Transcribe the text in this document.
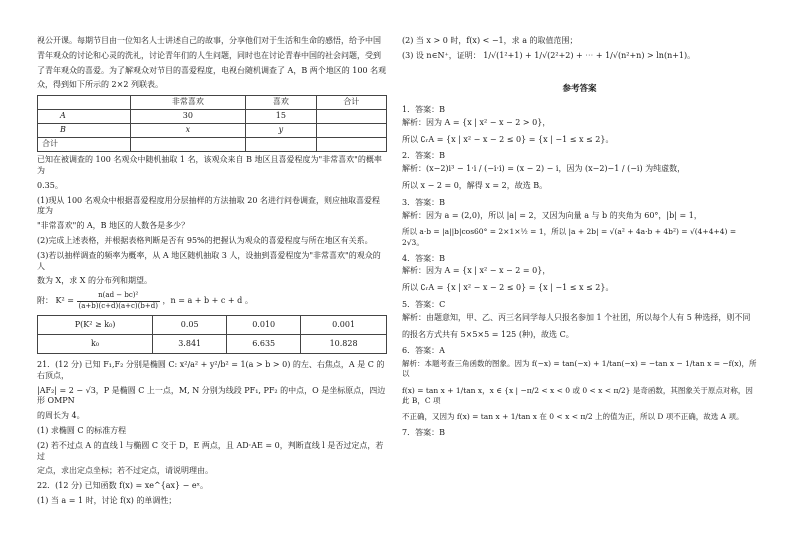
视公开课。每期节目由一位知名人士讲述自己的故事，分享他们对于生活和生命的感悟，给予中国

青年观众的讨论和心灵的洗礼，讨论青年们的人生问题，同时也在讨论青春中国的社会问题，受到

了青年观众的喜爱。为了解观众对节目的喜爱程度，电视台随机调查了 A，B 两个地区的 100 名观

众，得到如下所示的 2×2 列联表。

	非常喜欢	喜欢	合计
A	30	15	
B	x	y	
合计			

已知在被调查的 100 名观众中随机抽取 1 名，该观众来自 B 地区且喜爱程度为"非常喜欢"的概率为

0.35。

(1)现从 100 名观众中根据喜爱程度用分层抽样的方法抽取 20 名进行问卷调查，则应抽取喜爱程度为

"非常喜欢"的 A，B 地区的人数各是多少？

(2)完成上述表格，并根据表格判断是否有 95%的把握认为观众的喜爱程度与所在地区有关系。

(3)若以抽样调查的频率为概率，从 A 地区随机抽取 3 人，设抽到喜爱程度为"非常喜欢"的观众的人

数为 X，求 X 的分布列和期望。

附： $K^2 = \frac{\text{n(ad − bc)²}}{(a+b)(c+d)(a+c)(b+d)}$ ，n = a + b + c + d 。
P(K² ≥ k₀)	0.05	0.010	0.001
k₀	3.841	6.635	10.828

21．(12 分) 已知 F₁,F₂ 分别是椭圆 C: x²/a² + y²/b² = 1(a > b > 0) 的左、右焦点，A 是 C 的右顶点，

|AF₂| = 2 − √3，P 是椭圆 C 上一点，M, N 分别为线段 PF₁, PF₂ 的中点，O 是坐标原点，四边形 OMPN

的周长为 4。

(1) 求椭圆 C 的标准方程

(2) 若不过点 A 的直线 l 与椭圆 C 交于 D，E 两点，且 AD·AE = 0，判断直线 l 是否过定点，若过

定点，求出定点坐标；若不过定点，请说明理由。

22．(12 分) 已知函数 f(x) = xe^{ax} − eˣ。

(1) 当 a = 1 时，讨论 f(x) 的单调性；

(2) 当 x > 0 时，f(x) < −1，求 a 的取值范围；

(3) 设 n∈N⁺，证明： 1/√(1²+1) + 1/√(2²+2) + ⋯ + 1/√(n²+n) > ln(n+1)。
参考答案

1．答案：B

解析：因为 A = {x | x² − x − 2 > 0}，

所以 ∁ᵣA = {x | x² − x − 2 ≤ 0} = {x | −1 ≤ x ≤ 2}。

2．答案：B

解析：(x−2)i³ − 1·i / (−i·i) = (x − 2) − i，因为 (x−2)−1 / (−i) 为纯虚数，

所以 x − 2 = 0，解得 x = 2，故选 B。

3．答案：B

解析：因为 a = (2,0)，所以 |a| = 2，又因为向量 a 与 b 的夹角为 60°，|b| = 1，

所以 a·b = |a||b|cos60° = 2×1×½ = 1，所以 |a + 2b| = √(a² + 4a·b + 4b²) = √(4+4+4) = 2√3。

4．答案：B

解析：因为 A = {x | x² − x − 2 = 0}，

所以 ∁ᵣA = {x | x² − x − 2 ≤ 0} = {x | −1 ≤ x ≤ 2}。

5．答案：C

解析：由题意知，甲、乙、丙三名同学每人只报名参加 1 个社团，所以每个人有 5 种选择，则不同

的报名方式共有 5×5×5 = 125 (种)，故选 C。

6．答案：A

解析：本题考查三角函数的图象。因为 f(−x) = tan(−x) + 1/tan(−x) = −tan x − 1/tan x = −f(x)，所以

f(x) = tan x + 1/tan x，x ∈ {x | −π/2 < x < 0 或 0 < x < π/2} 是奇函数，其图象关于原点对称，因此 B，C 项

不正确，又因为 f(x) = tan x + 1/tan x 在 0 < x < π/2 上的值为正，所以 D 项不正确，故选 A 项。

7．答案：B
